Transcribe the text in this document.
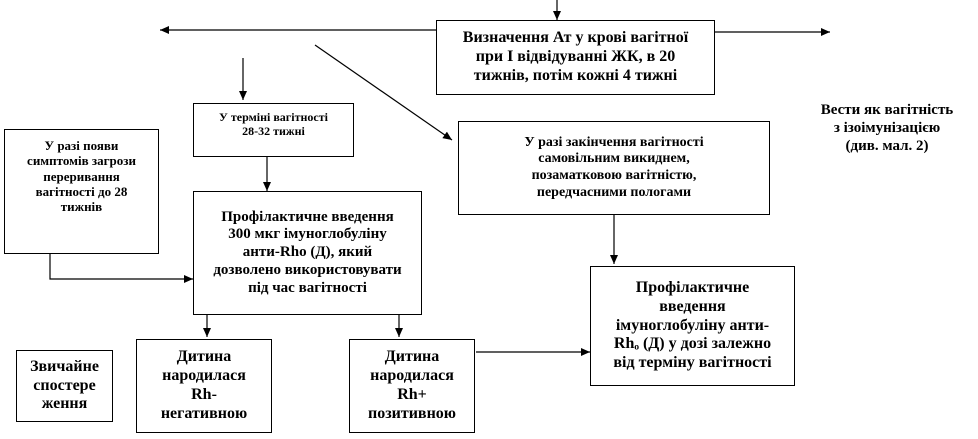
Визначення Ат у крові вагітної
при І відвідуванні ЖК, в 20
тижнів, потім кожні 4 тижні
У терміні вагітності
28-32 тижні
У разі появи
симптомів загрози
переривання
вагітності до 28
тижнів
Профілактичне введення
300 мкг імуноглобуліну
анти-Rho (Д), який
дозволено використовувати
під час вагітності
У разі закінчення вагітності
самовільним викиднем,
позаматковою вагітністю,
передчасними пологами
Вести як вагітність
з ізоімунізацією
(див. мал. 2)
Профілактичне
введення
імуноглобуліну анти-
Rhₒ (Д) у дозі залежно
від терміну вагітності
Звичайне
спостере
ження
Дитина
народилася
Rh-
негативною
Дитина
народилася
Rh+
позитивною
